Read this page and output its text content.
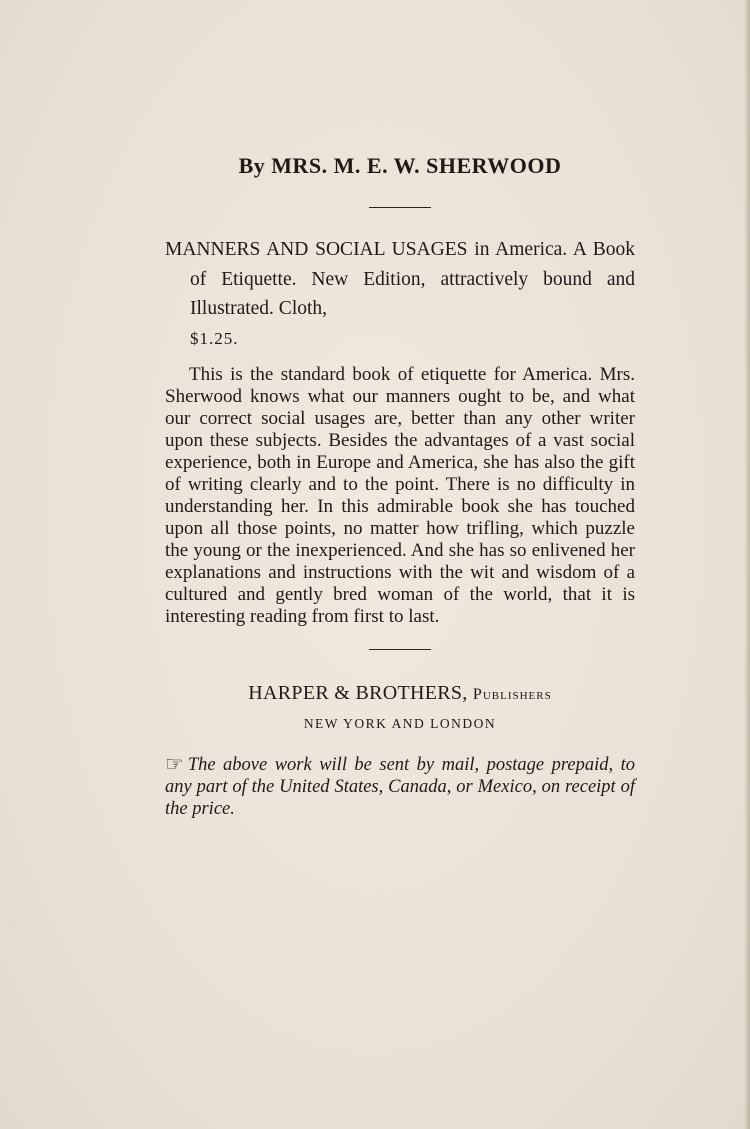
By MRS. M. E. W. SHERWOOD

MANNERS AND SOCIAL USAGES in America. A Book of Etiquette. New Edition, attractively bound and Illustrated. Cloth,
$1.25.

This is the standard book of etiquette for America. Mrs. Sherwood knows what our manners ought to be, and what our correct social usages are, better than any other writer upon these subjects. Besides the advantages of a vast social experience, both in Europe and America, she has also the gift of writing clearly and to the point. There is no difficulty in understanding her. In this admirable book she has touched upon all those points, no matter how trifling, which puzzle the young or the inexperienced. And she has so enlivened her explanations and instructions with the wit and wisdom of a cultured and gently bred woman of the world, that it is interesting reading from first to last.

HARPER & BROTHERS, Publishers

NEW YORK AND LONDON

☞ The above work will be sent by mail, postage prepaid, to any part of the United States, Canada, or Mexico, on receipt of the price.
